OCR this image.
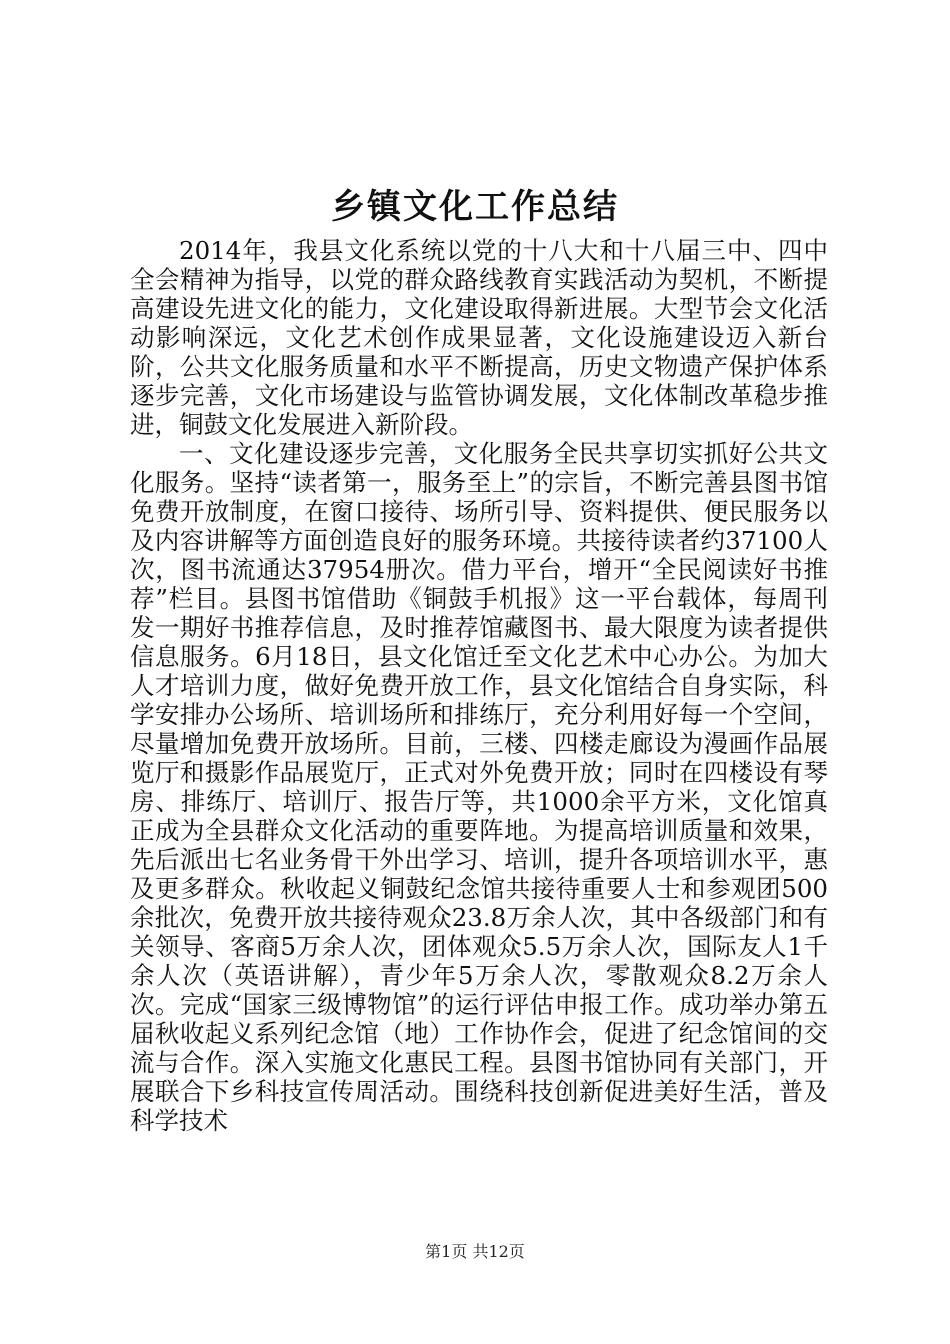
乡镇文化工作总结

2014年，我县文化系统以党的十八大和十八届三中、四中全会精神为指导，以党的群众路线教育实践活动为契机，不断提高建设先进文化的能力，文化建设取得新进展。大型节会文化活动影响深远，文化艺术创作成果显著，文化设施建设迈入新台阶，公共文化服务质量和水平不断提高，历史文物遗产保护体系逐步完善，文化市场建设与监管协调发展，文化体制改革稳步推进，铜鼓文化发展进入新阶段。

一、文化建设逐步完善，文化服务全民共享切实抓好公共文化服务。坚持“读者第一，服务至上”的宗旨，不断完善县图书馆免费开放制度，在窗口接待、场所引导、资料提供、便民服务以及内容讲解等方面创造良好的服务环境。共接待读者约37100人次，图书流通达37954册次。借力平台，增开“全民阅读好书推荐”栏目。县图书馆借助《铜鼓手机报》这一平台载体，每周刊发一期好书推荐信息，及时推荐馆藏图书、最大限度为读者提供信息服务。6月18日，县文化馆迁至文化艺术中心办公。为加大人才培训力度，做好免费开放工作，县文化馆结合自身实际，科学安排办公场所、培训场所和排练厅，充分利用好每一个空间，尽量增加免费开放场所。目前，三楼、四楼走廊设为漫画作品展览厅和摄影作品展览厅，正式对外免费开放；同时在四楼设有琴房、排练厅、培训厅、报告厅等，共1000余平方米，文化馆真正成为全县群众文化活动的重要阵地。为提高培训质量和效果，先后派出七名业务骨干外出学习、培训，提升各项培训水平，惠及更多群众。秋收起义铜鼓纪念馆共接待重要人士和参观团500余批次，免费开放共接待观众23.8万余人次，其中各级部门和有关领导、客商5万余人次，团体观众5.5万余人次，国际友人1千余人次（英语讲解），青少年5万余人次，零散观众8.2万余人次。完成“国家三级博物馆”的运行评估申报工作。成功举办第五届秋收起义系列纪念馆（地）工作协作会，促进了纪念馆间的交流与合作。深入实施文化惠民工程。县图书馆协同有关部门，开展联合下乡科技宣传周活动。围绕科技创新促进美好生活，普及科学技术

第1页 共12页
